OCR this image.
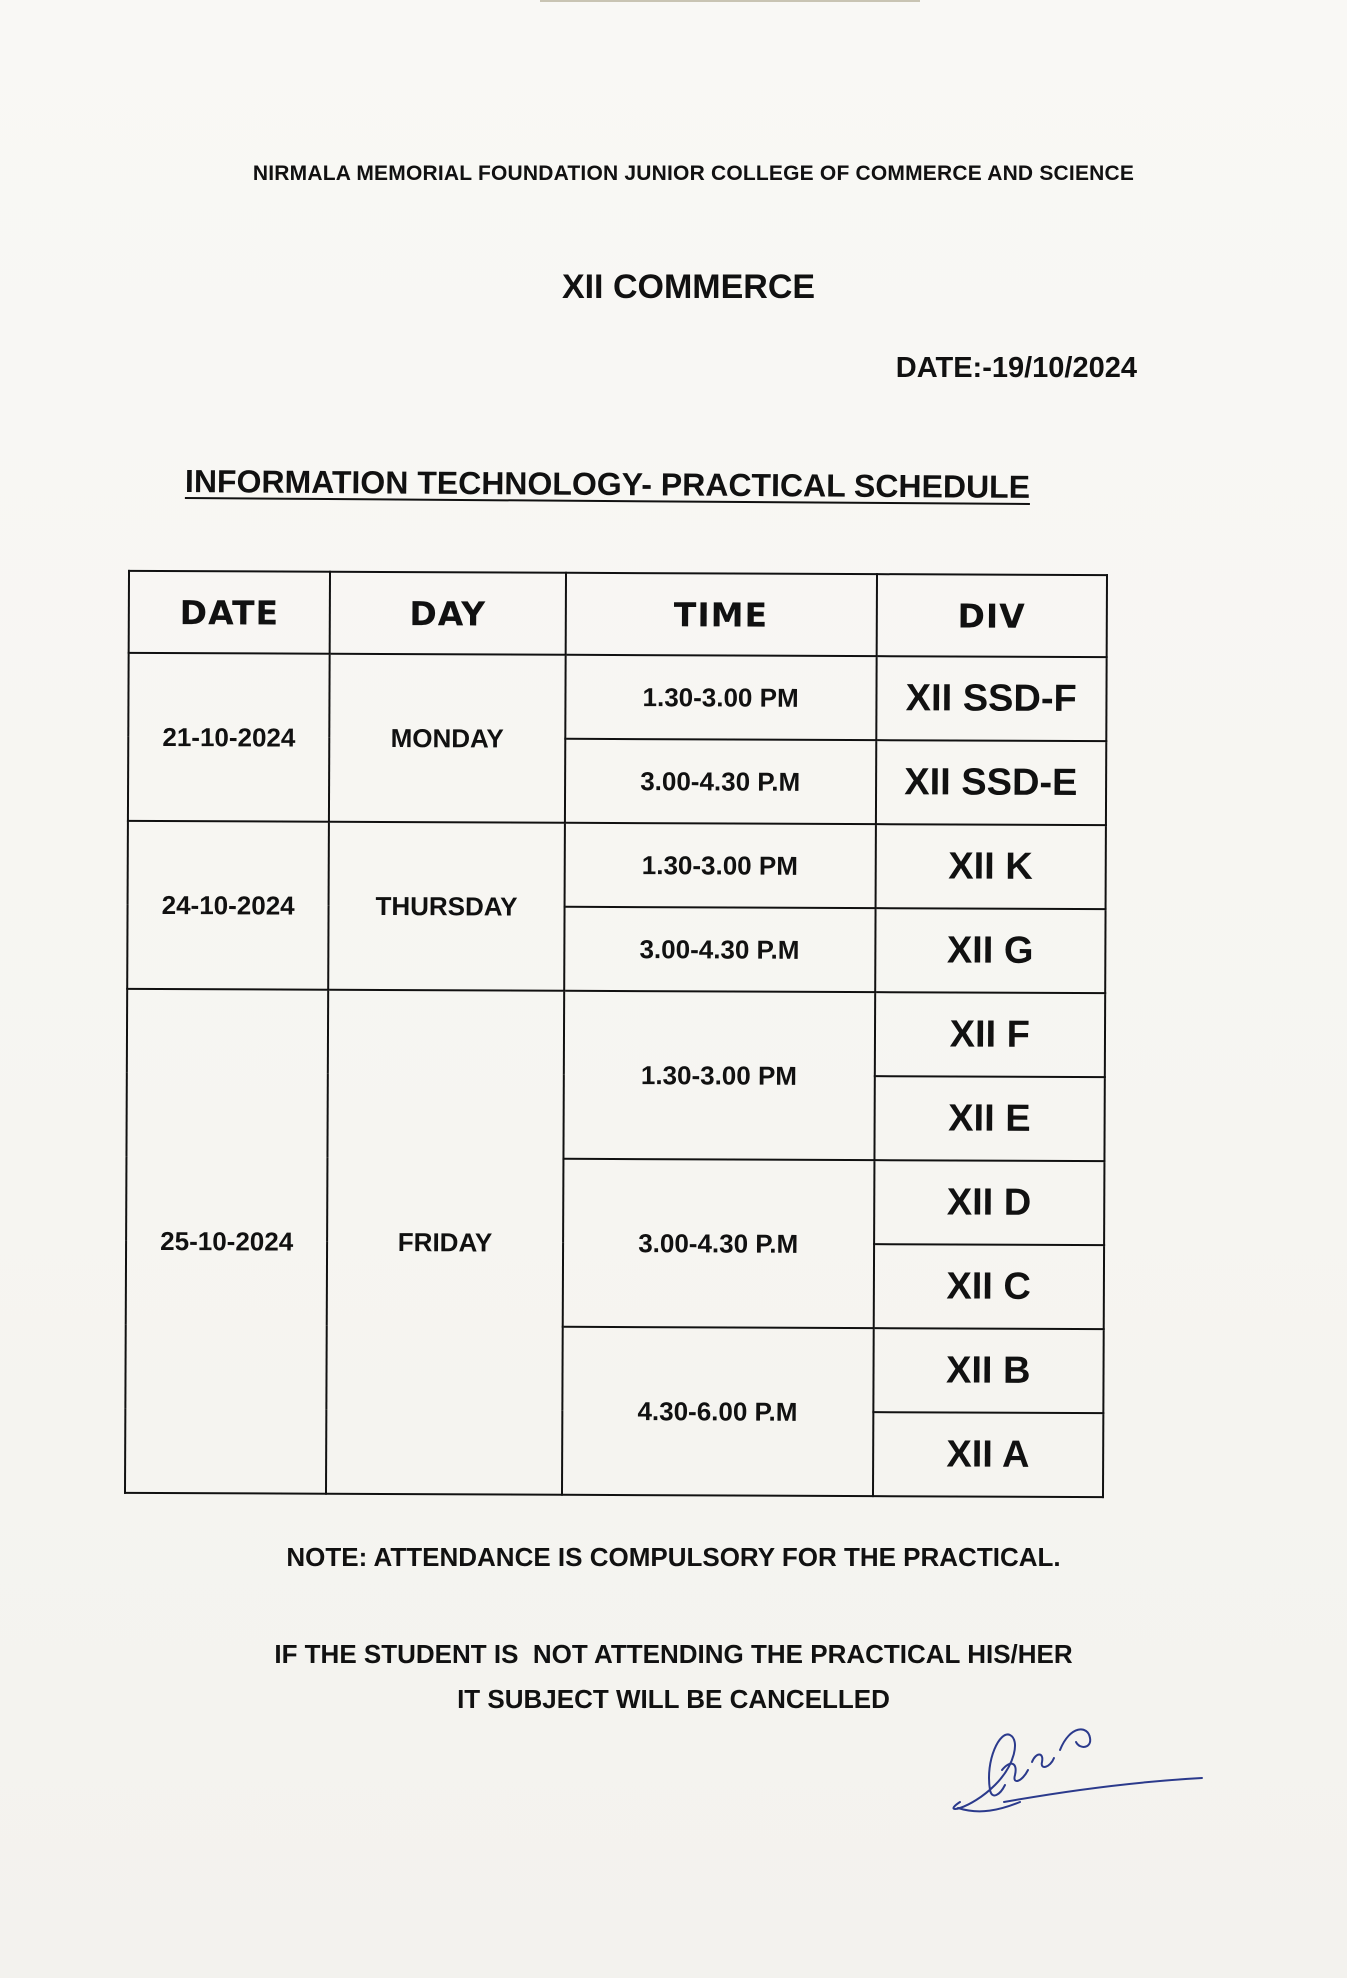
NIRMALA MEMORIAL FOUNDATION JUNIOR COLLEGE OF COMMERCE AND SCIENCE
XII COMMERCE
DATE:-19/10/2024
INFORMATION TECHNOLOGY- PRACTICAL SCHEDULE
DATE	DAY	TIME	DIV
21-10-2024	MONDAY	1.30-3.00 PM	XII SSD-F
		3.00-4.30 P.M	XII SSD-E
24-10-2024	THURSDAY	1.30-3.00 PM	XII K
		3.00-4.30 P.M	XII G
25-10-2024	FRIDAY	1.30-3.00 PM	XII F
			XII E
		3.00-4.30 P.M	XII D
			XII C
		4.30-6.00 P.M	XII B
			XII A
NOTE: ATTENDANCE IS COMPULSORY FOR THE PRACTICAL.
IF THE STUDENT IS  NOT ATTENDING THE PRACTICAL HIS/HER
IT SUBJECT WILL BE CANCELLED
